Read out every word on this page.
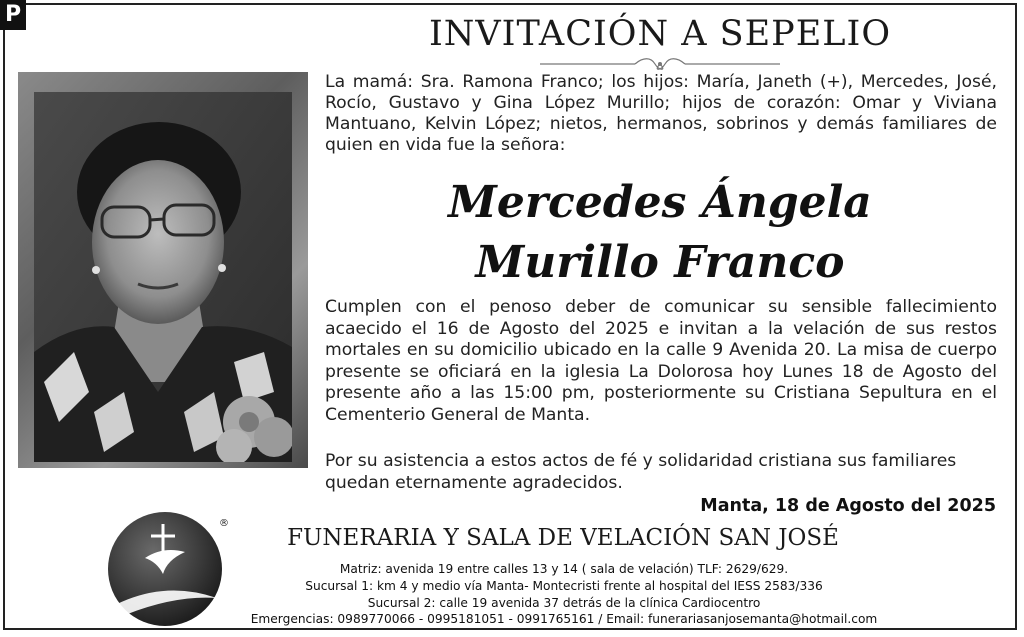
P	INVITACIÓN A SEPELIO
La mamá: Sra. Ramona Franco; los hijos: María, Janeth (+), Mercedes, José, Rocío, Gustavo y Gina López Murillo; hijos de corazón: Omar y Viviana Mantuano, Kelvin López; nietos, hermanos, sobrinos y demás familiares de quien en vida fue la señora:
Mercedes Ángela
Murillo Franco
Cumplen con el penoso deber de comunicar su sensible fallecimiento acaecido el 16 de Agosto del 2025 e invitan a la velación de sus restos mortales en su domicilio ubicado en la calle 9 Avenida 20. La misa de cuerpo presente se oficiará en la iglesia La Dolorosa hoy Lunes 18 de Agosto del presente año a las 15:00 pm, posteriormente su Cristiana Sepultura en el Cementerio General de Manta.
Por su asistencia a estos actos de fé y solidaridad cristiana sus familiares quedan eternamente agradecidos.
Manta, 18 de Agosto del 2025
®
FUNERARIA Y SALA DE VELACIÓN SAN JOSÉ
Matriz: avenida 19 entre calles 13 y 14 ( sala de velación) TLF: 2629/629.
Sucursal 1: km 4 y medio vía Manta- Montecristi frente al hospital del IESS 2583/336
Sucursal 2: calle 19 avenida 37 detrás de la clínica Cardiocentro
Emergencias: 0989770066 - 0995181051 - 0991765161 / Email: funerariasanjosemanta@hotmail.com
